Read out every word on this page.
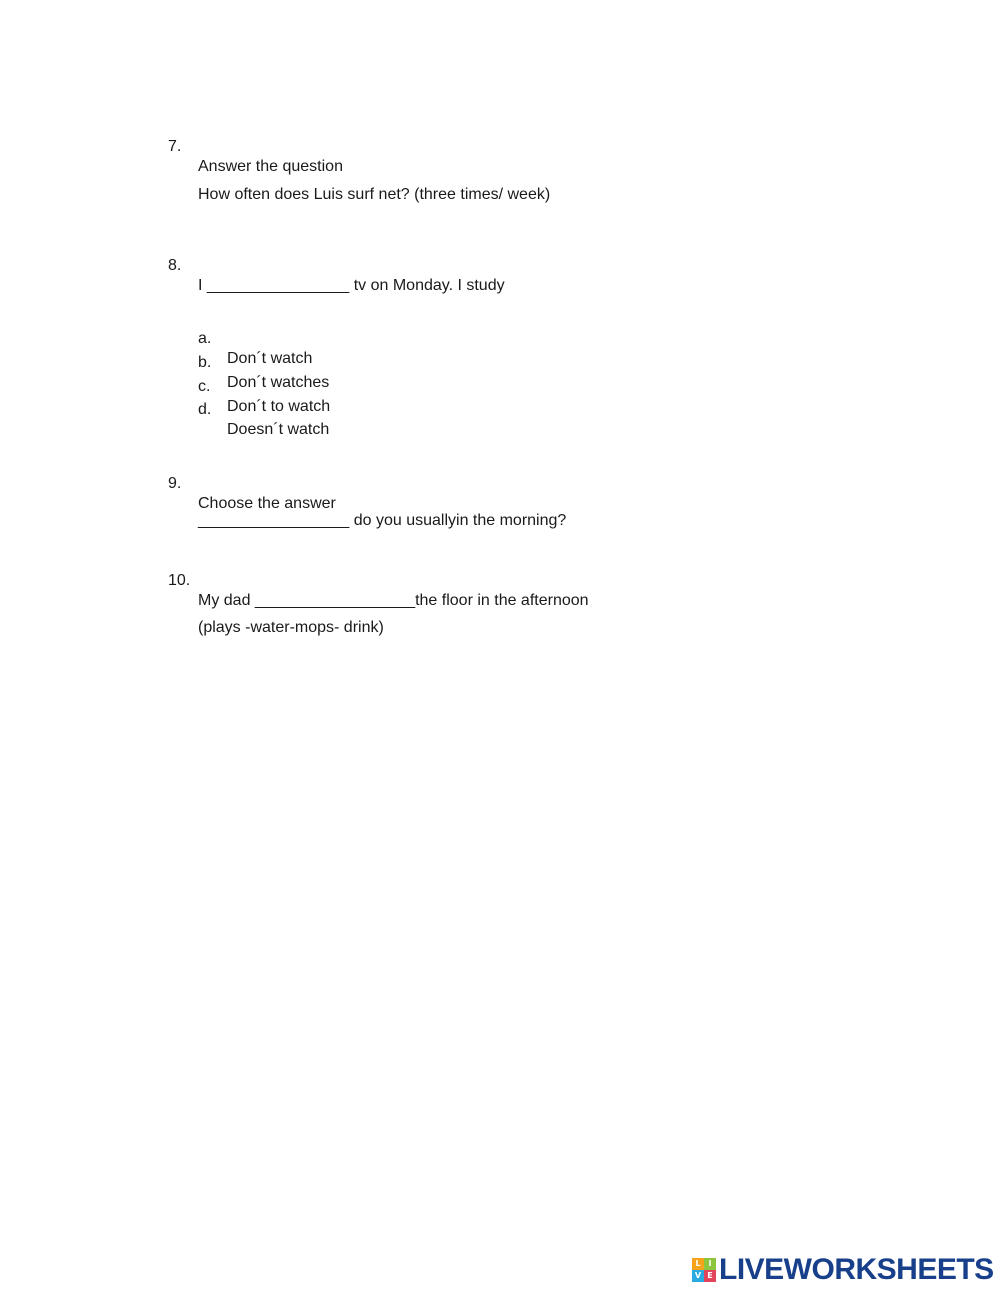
7.

Answer the question

How often does Luis surf net? (three times/ week)

8.

I ________________ tv on Monday. I study

a.

Don´t watch

b.

Don´t watches

c.

Don´t to watch

d.

Doesn´t watch

9.

Choose the answer

_________________ do you usuallyin the morning?

10.

My dad __________________the floor in the afternoon

(plays -water-mops- drink)

L I
V E LIVEWORKSHEETS
